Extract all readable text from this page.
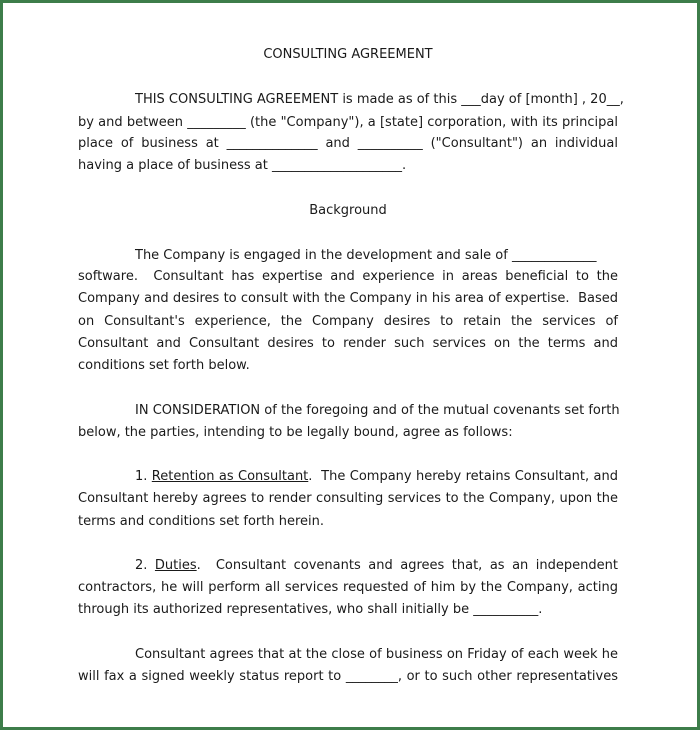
CONSULTING AGREEMENT
THIS CONSULTING AGREEMENT is made as of this ___day of [month] , 20__,
by and between _________ (the "Company"), a [state] corporation, with its principal
place of business at ______________ and __________ ("Consultant") an individual
having a place of business at ____________________.
Background
The Company is engaged in the development and sale of _____________
software.  Consultant has expertise and experience in areas beneficial to the
Company and desires to consult with the Company in his area of expertise.  Based
on Consultant's experience, the Company desires to retain the services of
Consultant and Consultant desires to render such services on the terms and
conditions set forth below.
IN CONSIDERATION of the foregoing and of the mutual covenants set forth
below, the parties, intending to be legally bound, agree as follows:
1. Retention as Consultant.  The Company hereby retains Consultant, and
Consultant hereby agrees to render consulting services to the Company, upon the
terms and conditions set forth herein.
2. Duties.  Consultant covenants and agrees that, as an independent
contractors, he will perform all services requested of him by the Company, acting
through its authorized representatives, who shall initially be __________.
Consultant agrees that at the close of business on Friday of each week he
will fax a signed weekly status report to ________, or to such other representatives
